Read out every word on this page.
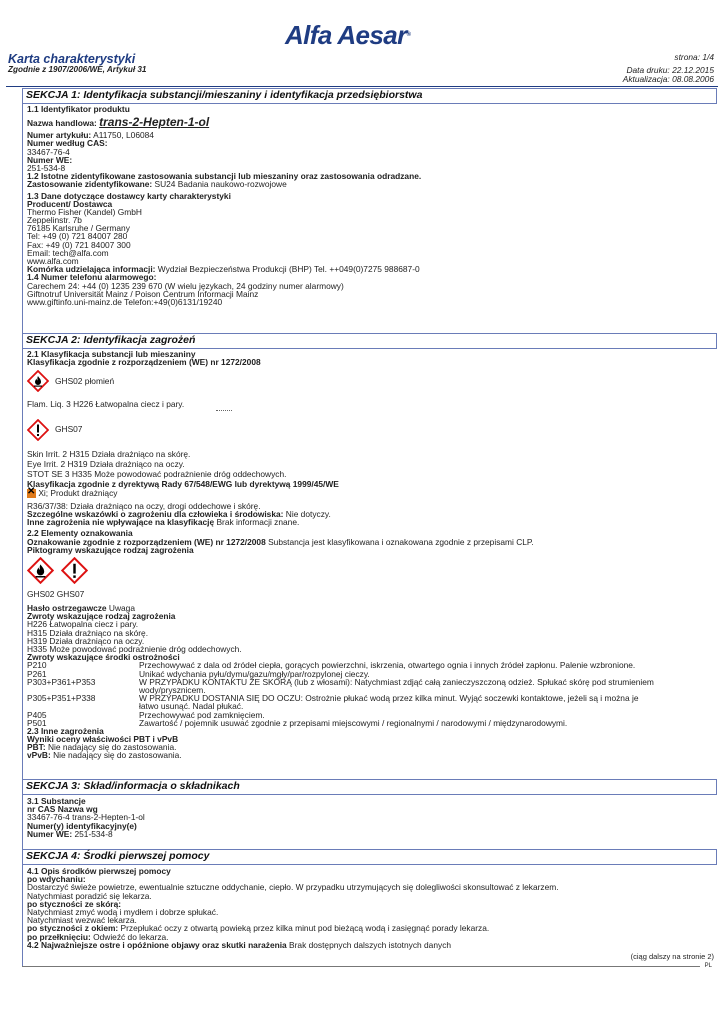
Alfa Aesar®
Karta charakterystyki
Zgodnie z 1907/2006/WE, Artykuł 31
strona: 1/4
Data druku: 22.12.2015
Aktualizacja: 08.08.2006
SEKCJA 1: Identyfikacja substancji/mieszaniny i identyfikacja przedsiębiorstwa
1.1 Identyfikator produktu
Nazwa handlowa: trans-2-Hepten-1-ol
Numer artykułu: A11750, L06084
Numer według CAS:
33467-76-4
Numer WE:
251-534-8
1.2 Istotne zidentyfikowane zastosowania substancji lub mieszaniny oraz zastosowania odradzane.
Zastosowanie zidentyfikowane: SU24 Badania naukowo-rozwojowe
1.3 Dane dotyczące dostawcy karty charakterystyki
Producent/ Dostawca
Thermo Fisher (Kandel) GmbH
Zeppelinstr. 7b
76185 Karlsruhe / Germany
Tel: +49 (0) 721 84007 280
Fax: +49 (0) 721 84007 300
Email: tech@alfa.com
www.alfa.com
Komórka udzielająca informacji: Wydział Bezpieczeństwa Produkcji (BHP) Tel. ++049(0)7275 988687-0
1.4 Numer telefonu alarmowego:
Carechem 24: +44 (0) 1235 239 670 (W wielu językach, 24 godziny numer alarmowy)
Giftnotruf Universität Mainz / Poison Centrum Informacji Mainz
www.giftinfo.uni-mainz.de Telefon:+49(0)6131/19240
SEKCJA 2: Identyfikacja zagrożeń
2.1 Klasyfikacja substancji lub mieszaniny
Klasyfikacja zgodnie z rozporządzeniem (WE) nr 1272/2008
GHS02 płomień
Flam. Liq. 3 H226 Łatwopalna ciecz i pary.
GHS07
Skin Irrit. 2 H315 Działa drażniąco na skórę.
Eye Irrit. 2 H319 Działa drażniąco na oczy.
STOT SE 3 H335 Może powodować podrażnienie dróg oddechowych.
Klasyfikacja zgodnie z dyrektywą Rady 67/548/EWG lub dyrektywą 1999/45/WE
✕ Xi; Produkt drażniący
R36/37/38: Działa drażniąco na oczy, drogi oddechowe i skórę.
Szczególne wskazówki o zagrożeniu dla człowieka i środowiska: Nie dotyczy.
Inne zagrożenia nie wpływające na klasyfikację Brak informacji znane.
2.2 Elementy oznakowania
Oznakowanie zgodnie z rozporządzeniem (WE) nr 1272/2008 Substancja jest klasyfikowana i oznakowana zgodnie z przepisami CLP.
Piktogramy wskazujące rodzaj zagrożenia
GHS02 GHS07
Hasło ostrzegawcze Uwaga
Zwroty wskazujące rodzaj zagrożenia
H226 Łatwopalna ciecz i pary.
H315 Działa drażniąco na skórę.
H319 Działa drażniąco na oczy.
H335 Może powodować podrażnienie dróg oddechowych.
Zwroty wskazujące środki ostrożności
P210	Przechowywać z dala od źródeł ciepła, gorących powierzchni, iskrzenia, otwartego ognia i innych źródeł zapłonu. Palenie wzbronione.
P261	Unikać wdychania pyłu/dymu/gazu/mgły/par/rozpylonej cieczy.
P303+P361+P353	W PRZYPADKU KONTAKTU ZE SKÓRĄ (lub z włosami): Natychmiast zdjąć całą zanieczyszczoną odzież. Spłukać skórę pod strumieniem
wody/prysznicem.
P305+P351+P338	W PRZYPADKU DOSTANIA SIĘ DO OCZU: Ostrożnie płukać wodą przez kilka minut. Wyjąć soczewki kontaktowe, jeżeli są i można je
łatwo usunąć. Nadal płukać.
P405	Przechowywać pod zamknięciem.
P501	Zawartość / pojemnik usuwać zgodnie z przepisami miejscowymi / regionalnymi / narodowymi / międzynarodowymi.
2.3 Inne zagrożenia
Wyniki oceny właściwości PBT i vPvB
PBT: Nie nadający się do zastosowania.
vPvB: Nie nadający się do zastosowania.
SEKCJA 3: Skład/informacja o składnikach
3.1 Substancje
nr CAS Nazwa wg
33467-76-4 trans-2-Hepten-1-ol
Numer(y) identyfikacyjny(e)
Numer WE: 251-534-8
SEKCJA 4: Środki pierwszej pomocy
4.1 Opis środków pierwszej pomocy
po wdychaniu:
Dostarczyć świeże powietrze, ewentualnie sztuczne oddychanie, ciepło. W przypadku utrzymujących się dolegliwości skonsultować z lekarzem.
Natychmiast poradzić się lekarza.
po styczności ze skórą:
Natychmiast zmyć wodą i mydłem i dobrze spłukać.
Natychmiast wezwać lekarza.
po styczności z okiem: Przepłukać oczy z otwartą powieką przez kilka minut pod bieżącą wodą i zasięgnąć porady lekarza.
po przełknięciu: Odwieźć do lekarza.
4.2 Najważniejsze ostre i opóźnione objawy oraz skutki narażenia Brak dostępnych dalszych istotnych danych
(ciąg dalszy na stronie 2)
PL
